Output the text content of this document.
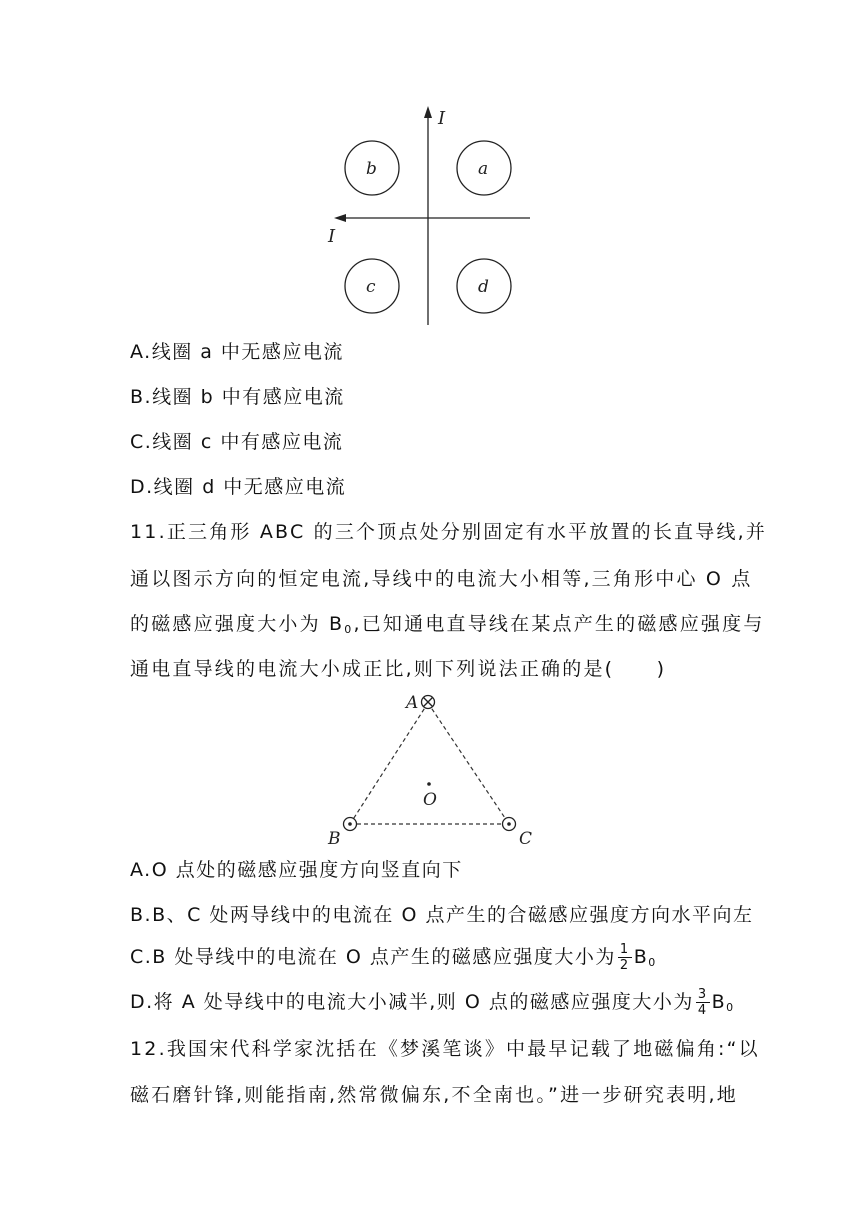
I
I
b	a
c	d
A.线圈 a 中无感应电流
B.线圈 b 中有感应电流
C.线圈 c 中有感应电流
D.线圈 d 中无感应电流
11.正三角形 ABC 的三个顶点处分别固定有水平放置的长直导线,并
通以图示方向的恒定电流,导线中的电流大小相等,三角形中心 O 点
的磁感应强度大小为 $B_0$,已知通电直导线在某点产生的磁感应强度与
通电直导线的电流大小成正比,则下列说法正确的是(　　)
A
B	C
O
A.O 点处的磁感应强度方向竖直向下
B.B、C 处两导线中的电流在 O 点产生的合磁感应强度方向水平向左
C.B 处导线中的电流在 O 点产生的磁感应强度大小为 $\frac{1}{2} B_0$
D.将 A 处导线中的电流大小减半,则 O 点的磁感应强度大小为 $\frac{3}{4} B_0$
12.我国宋代科学家沈括在《梦溪笔谈》中最早记载了地磁偏角:“以
磁石磨针锋,则能指南,然常微偏东,不全南也。”进一步研究表明,地
